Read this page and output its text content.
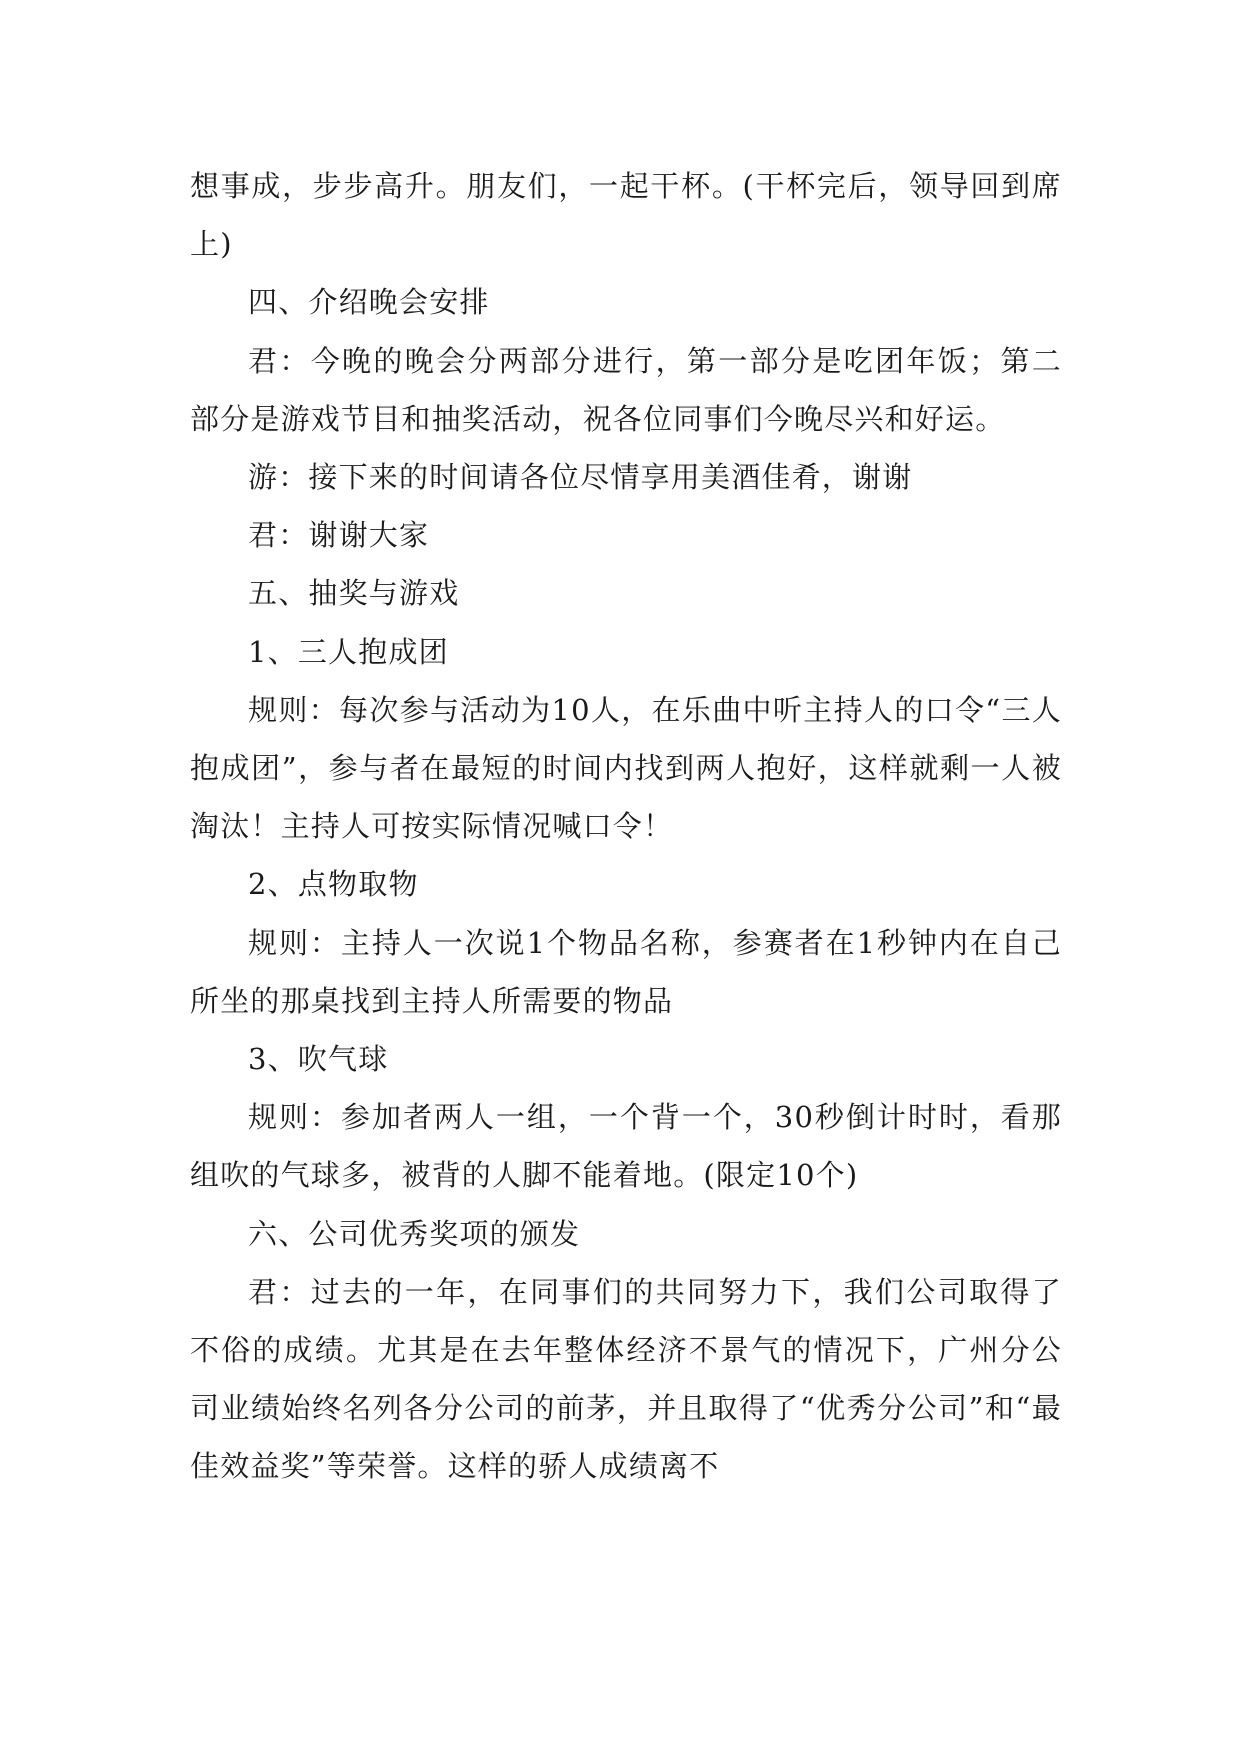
想事成，步步高升。朋友们，一起干杯。(干杯完后，领导回到席上)

四、介绍晚会安排

君：今晚的晚会分两部分进行，第一部分是吃团年饭；第二部分是游戏节目和抽奖活动，祝各位同事们今晚尽兴和好运。

游：接下来的时间请各位尽情享用美酒佳肴，谢谢

君：谢谢大家

五、抽奖与游戏

1、三人抱成团

规则：每次参与活动为10人，在乐曲中听主持人的口令“三人抱成团”，参与者在最短的时间内找到两人抱好，这样就剩一人被淘汰！主持人可按实际情况喊口令！

2、点物取物

规则：主持人一次说1个物品名称，参赛者在1秒钟内在自己所坐的那桌找到主持人所需要的物品

3、吹气球

规则：参加者两人一组，一个背一个，30秒倒计时时，看那组吹的气球多，被背的人脚不能着地。(限定10个)

六、公司优秀奖项的颁发

君：过去的一年，在同事们的共同努力下，我们公司取得了不俗的成绩。尤其是在去年整体经济不景气的情况下，广州分公司业绩始终名列各分公司的前茅，并且取得了“优秀分公司”和“最佳效益奖”等荣誉。这样的骄人成绩离不
